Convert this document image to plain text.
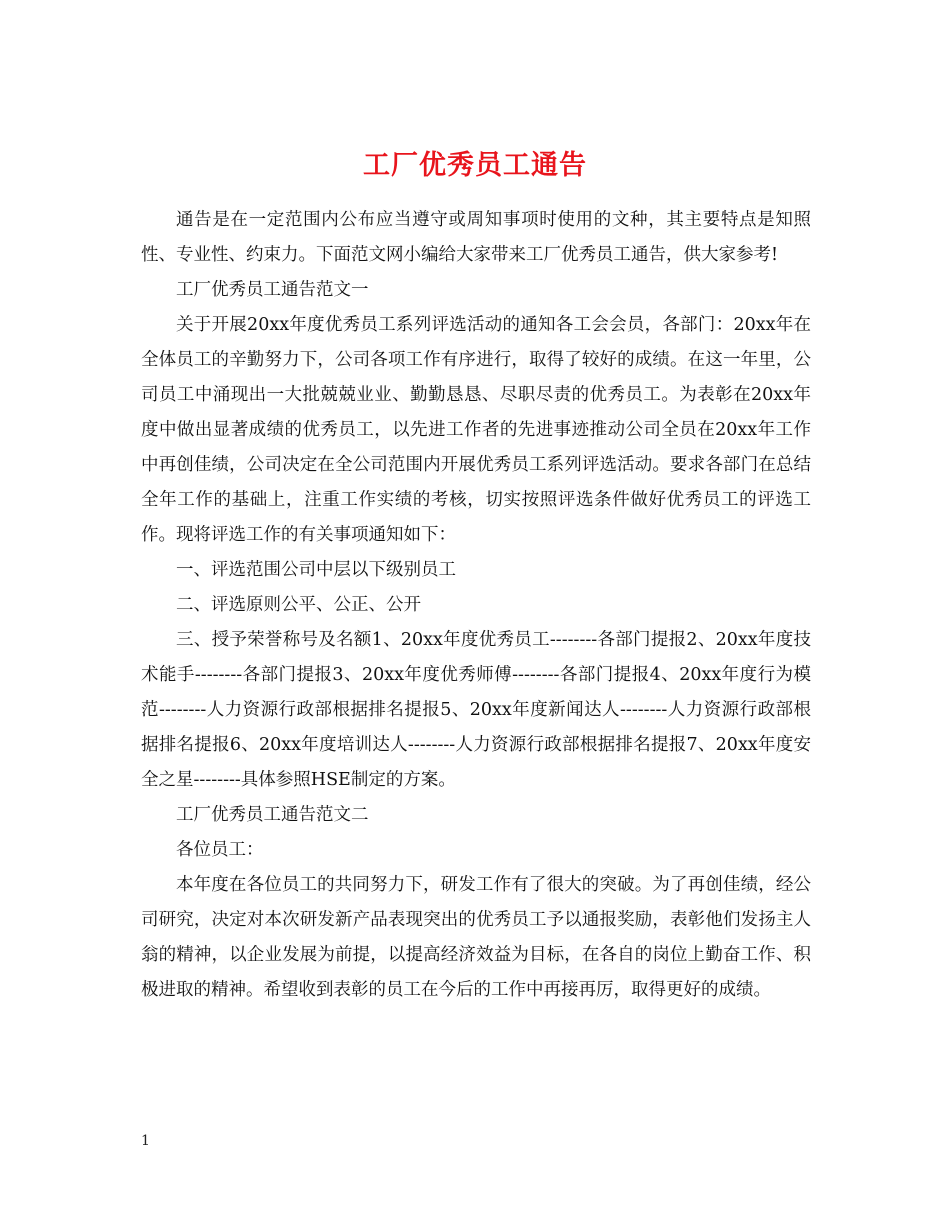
工厂优秀员工通告

通告是在一定范围内公布应当遵守或周知事项时使用的文种，其主要特点是知照性、专业性、约束力。下面范文网小编给大家带来工厂优秀员工通告，供大家参考!

工厂优秀员工通告范文一

关于开展20xx年度优秀员工系列评选活动的通知各工会会员，各部门：20xx年在全体员工的辛勤努力下，公司各项工作有序进行，取得了较好的成绩。在这一年里，公司员工中涌现出一大批兢兢业业、勤勤恳恳、尽职尽责的优秀员工。为表彰在20xx年度中做出显著成绩的优秀员工，以先进工作者的先进事迹推动公司全员在20xx年工作中再创佳绩，公司决定在全公司范围内开展优秀员工系列评选活动。要求各部门在总结全年工作的基础上，注重工作实绩的考核，切实按照评选条件做好优秀员工的评选工作。现将评选工作的有关事项通知如下：

一、评选范围公司中层以下级别员工

二、评选原则公平、公正、公开

三、授予荣誉称号及名额1、20xx年度优秀员工--------各部门提报2、20xx年度技术能手--------各部门提报3、20xx年度优秀师傅--------各部门提报4、20xx年度行为模范--------人力资源行政部根据排名提报5、20xx年度新闻达人--------人力资源行政部根据排名提报6、20xx年度培训达人--------人力资源行政部根据排名提报7、20xx年度安全之星--------具体参照HSE制定的方案。

工厂优秀员工通告范文二

各位员工：

本年度在各位员工的共同努力下，研发工作有了很大的突破。为了再创佳绩，经公司研究，决定对本次研发新产品表现突出的优秀员工予以通报奖励，表彰他们发扬主人翁的精神，以企业发展为前提，以提高经济效益为目标，在各自的岗位上勤奋工作、积极进取的精神。希望收到表彰的员工在今后的工作中再接再厉，取得更好的成绩。

1
